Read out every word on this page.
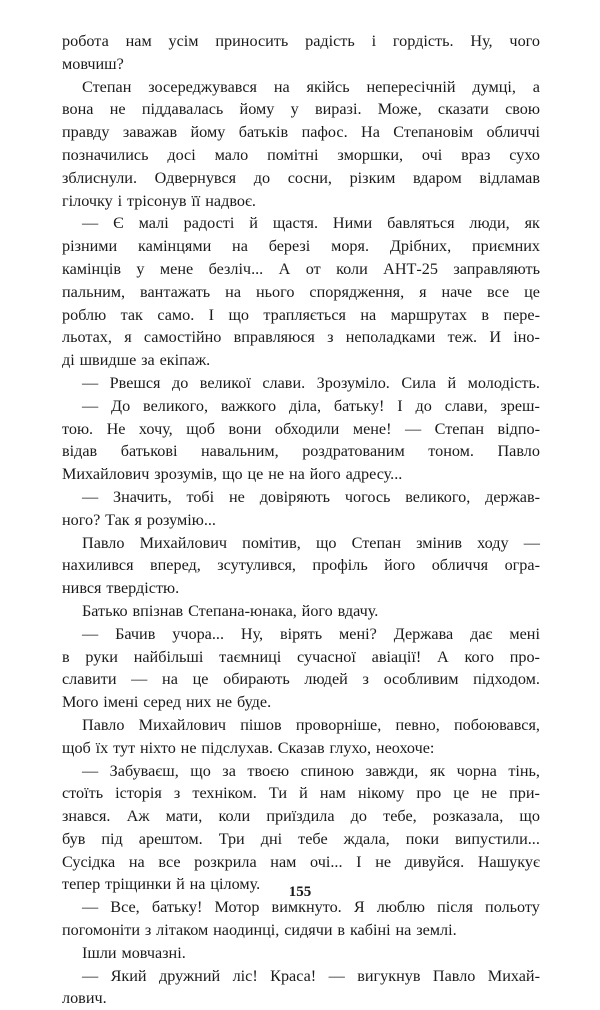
робота нам усім приносить радість і гордість. Ну, чого
мовчиш?
Степан зосереджувався на якійсь непересічній думці, а
вона не піддавалась йому у вирaзі. Може, сказати свою
правду заважав йому батьків пафос. На Степановім обличчі
позначились досі мало помітні зморшки, очі враз сухо
зблиснули. Одвернувся до сосни, різким вдаром відламав
гілочку і трісонув її надвоє.
— Є малі радості й щастя. Ними бавляться люди, як
різними камінцями на березі моря. Дрібних, приємних
камінців у мене безліч... А от коли АНТ-25 заправляють
пальним, вантажать на нього спорядження, я наче все це
роблю так само. І що трапляється на маршрутах в пере-
льотах, я самостійно вправляюся з неполадками теж. И іно-
ді швидше за екіпаж.
— Рвешся до великої слави. Зрозуміло. Сила й молодість.
— До великого, важкого діла, батьку! І до слави, зреш-
тою. Не хочу, щоб вони обходили мене! — Степан відпо-
відав батькові навальним, роздратованим тоном. Павло
Михайлович зрозумів, що це не на його адресу...
— Значить, тобі не довіряють чогось великого, держав-
ного? Так я розумію...
Павло Михайлович помітив, що Степан змінив ходу —
нахилився вперед, зсутулився, профіль його обличчя огра-
нився твердістю.
Батько впізнав Степана-юнака, його вдачу.
— Бачив учора... Ну, вірять мені? Держава дає мені
в руки найбільші таємниці сучасної авіації! А кого про-
славити — на це обирають людей з особливим підходом.
Мого імені серед них не буде.
Павло Михайлович пішов проворніше, певно, побоювався,
щоб їх тут ніхто не підслухав. Сказав глухо, неохоче:
— Забуваєш, що за твоєю спиною завжди, як чорна тінь,
стоїть історія з техніком. Ти й нам нікому про це не при-
знався. Аж мати, коли приїздила до тебе, розказала, що
був під арештом. Три дні тебе ждала, поки випустили...
Сусідка на все розкрила нам очі... І не дивуйся. Нашукує
тепер тріщинки й на цілому.
— Все, батьку! Мотор вимкнуто. Я люблю після польоту
погомоніти з літаком наодинці, сидячи в кабіні на землі.
Ішли мовчазні.
— Який дружний ліс! Краса! — вигукнув Павло Михай-
лович.
155
